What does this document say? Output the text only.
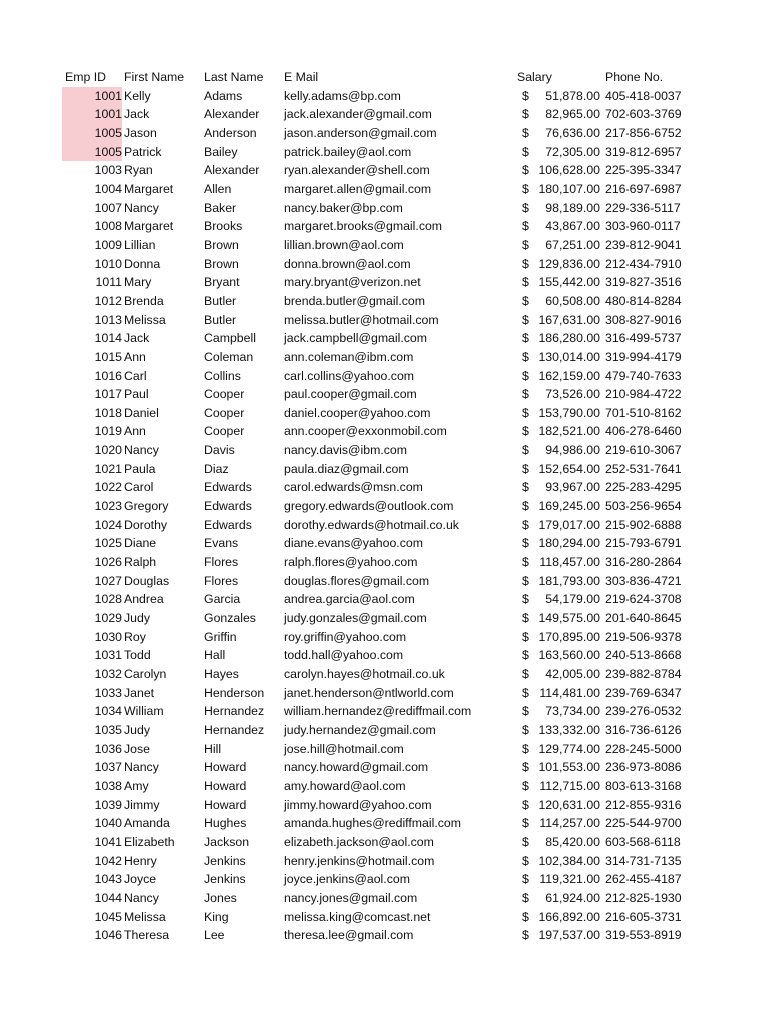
Emp ID First Name Last Name E Mail	Salary	Phone No.
1001 Kelly	Adams	kelly.adams@bp.com	$	51,878.00 405-418-0037
1001 Jack	Alexander jack.alexander@gmail.com	$	82,965.00 702-603-3769
1005 Jason	Anderson jason.anderson@gmail.com	$	76,636.00 217-856-6752
1005 Patrick	Bailey	patrick.bailey@aol.com	$	72,305.00 319-812-6957
1003 Ryan	Alexander ryan.alexander@shell.com	$ 106,628.00 225-395-3347
1004 Margaret	Allen	margaret.allen@gmail.com	$ 180,107.00 216-697-6987
1007 Nancy	Baker	nancy.baker@bp.com	$	98,189.00 229-336-5117
1008 Margaret	Brooks	margaret.brooks@gmail.com	$	43,867.00 303-960-0117
1009 Lillian	Brown	lillian.brown@aol.com	$	67,251.00 239-812-9041
1010 Donna	Brown	donna.brown@aol.com	$ 129,836.00 212-434-7910
1011 Mary	Bryant	mary.bryant@verizon.net	$ 155,442.00 319-827-3516
1012 Brenda	Butler	brenda.butler@gmail.com	$	60,508.00 480-814-8284
1013 Melissa	Butler	melissa.butler@hotmail.com	$ 167,631.00 308-827-9016
1014 Jack	Campbell jack.campbell@gmail.com	$ 186,280.00 316-499-5737
1015 Ann	Coleman	ann.coleman@ibm.com	$ 130,014.00 319-994-4179
1016 Carl	Collins	carl.collins@yahoo.com	$ 162,159.00 479-740-7633
1017 Paul	Cooper	paul.cooper@gmail.com	$	73,526.00 210-984-4722
1018 Daniel	Cooper	daniel.cooper@yahoo.com	$ 153,790.00 701-510-8162
1019 Ann	Cooper	ann.cooper@exxonmobil.com	$ 182,521.00 406-278-6460
1020 Nancy	Davis	nancy.davis@ibm.com	$	94,986.00 219-610-3067
1021 Paula	Diaz	paula.diaz@gmail.com	$ 152,654.00 252-531-7641
1022 Carol	Edwards	carol.edwards@msn.com	$	93,967.00 225-283-4295
1023 Gregory	Edwards	gregory.edwards@outlook.com	$ 169,245.00 503-256-9654
1024 Dorothy	Edwards	dorothy.edwards@hotmail.co.uk	$ 179,017.00 215-902-6888
1025 Diane	Evans	diane.evans@yahoo.com	$ 180,294.00 215-793-6791
1026 Ralph	Flores	ralph.flores@yahoo.com	$ 118,457.00 316-280-2864
1027 Douglas	Flores	douglas.flores@gmail.com	$ 181,793.00 303-836-4721
1028 Andrea	Garcia	andrea.garcia@aol.com	$	54,179.00 219-624-3708
1029 Judy	Gonzales judy.gonzales@gmail.com	$ 149,575.00 201-640-8645
1030 Roy	Griffin	roy.griffin@yahoo.com	$ 170,895.00 219-506-9378
1031 Todd	Hall	todd.hall@yahoo.com	$ 163,560.00 240-513-8668
1032 Carolyn	Hayes	carolyn.hayes@hotmail.co.uk	$	42,005.00 239-882-8784
1033 Janet	Henderson janet.henderson@ntlworld.com	$ 114,481.00 239-769-6347
1034 William	Hernandez william.hernandez@rediffmail.com	$	73,734.00 239-276-0532
1035 Judy	Hernandez judy.hernandez@gmail.com	$ 133,332.00 316-736-6126
1036 Jose	Hill	jose.hill@hotmail.com	$ 129,774.00 228-245-5000
1037 Nancy	Howard	nancy.howard@gmail.com	$ 101,553.00 236-973-8086
1038 Amy	Howard	amy.howard@aol.com	$ 112,715.00 803-613-3168
1039 Jimmy	Howard	jimmy.howard@yahoo.com	$ 120,631.00 212-855-9316
1040 Amanda	Hughes	amanda.hughes@rediffmail.com	$ 114,257.00 225-544-9700
1041 Elizabeth Jackson	elizabeth.jackson@aol.com	$	85,420.00 603-568-6118
1042 Henry	Jenkins	henry.jenkins@hotmail.com	$ 102,384.00 314-731-7135
1043 Joyce	Jenkins	joyce.jenkins@aol.com	$ 119,321.00 262-455-4187
1044 Nancy	Jones	nancy.jones@gmail.com	$	61,924.00 212-825-1930
1045 Melissa	King	melissa.king@comcast.net	$ 166,892.00 216-605-3731
1046 Theresa	Lee	theresa.lee@gmail.com	$ 197,537.00 319-553-8919
